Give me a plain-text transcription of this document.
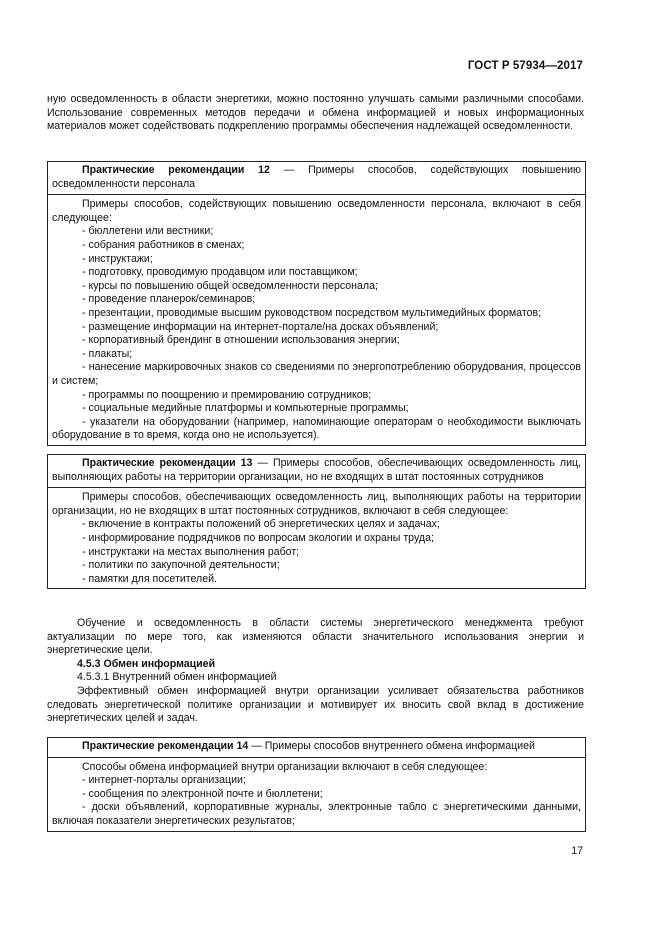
ГОСТ Р 57934—2017
ную осведомленность в области энергетики, можно постоянно улучшать самыми различными способами. Использование современных методов передачи и обмена информацией и новых информационных материалов может содействовать подкреплению программы обеспечения надлежащей осведомленности.
Практические рекомендации 12 — Примеры способов, содействующих повышению осведомленности персонала
Примеры способов, содействующих повышению осведомленности персонала, включают в себя следующее:
- бюллетени или вестники;
- собрания работников в сменах;
- инструктажи;
- подготовку, проводимую продавцом или поставщиком;
- курсы по повышению общей осведомленности персонала;
- проведение планерок/семинаров;
- презентации, проводимые высшим руководством посредством мультимедийных форматов;
- размещение информации на интернет-портале/на досках объявлений;
- корпоративный брендинг в отношении использования энергии;
- плакаты;
- нанесение маркировочных знаков со сведениями по энергопотреблению оборудования, процессов и систем;
- программы по поощрению и премированию сотрудников;
- социальные медийные платформы и компьютерные программы;
- указатели на оборудовании (например, напоминающие операторам о необходимости выключать оборудование в то время, когда оно не используется).
Практические рекомендации 13 — Примеры способов, обеспечивающих осведомленность лиц, выполняющих работы на территории организации, но не входящих в штат постоянных сотрудников
Примеры способов, обеспечивающих осведомленность лиц, выполняющих работы на территории организации, но не входящих в штат постоянных сотрудников, включают в себя следующее:
- включение в контракты положений об энергетических целях и задачах;
- информирование подрядчиков по вопросам экологии и охраны труда;
- инструктажи на местах выполнения работ;
- политики по закупочной деятельности;
- памятки для посетителей.
Обучение и осведомленность в области системы энергетического менеджмента требуют актуализации по мере того, как изменяются области значительного использования энергии и энергетические цели.
4.5.3 Обмен информацией
4.5.3.1 Внутренний обмен информацией
Эффективный обмен информацией внутри организации усиливает обязательства работников следовать энергетической политике организации и мотивирует их вносить свой вклад в достижение энергетических целей и задач.
Практические рекомендации 14 — Примеры способов внутреннего обмена информацией
Способы обмена информацией внутри организации включают в себя следующее:
- интернет-порталы организации;
- сообщения по электронной почте и бюллетени;
- доски объявлений, корпоративные журналы, электронные табло с энергетическими данными, включая показатели энергетических результатов;
17
